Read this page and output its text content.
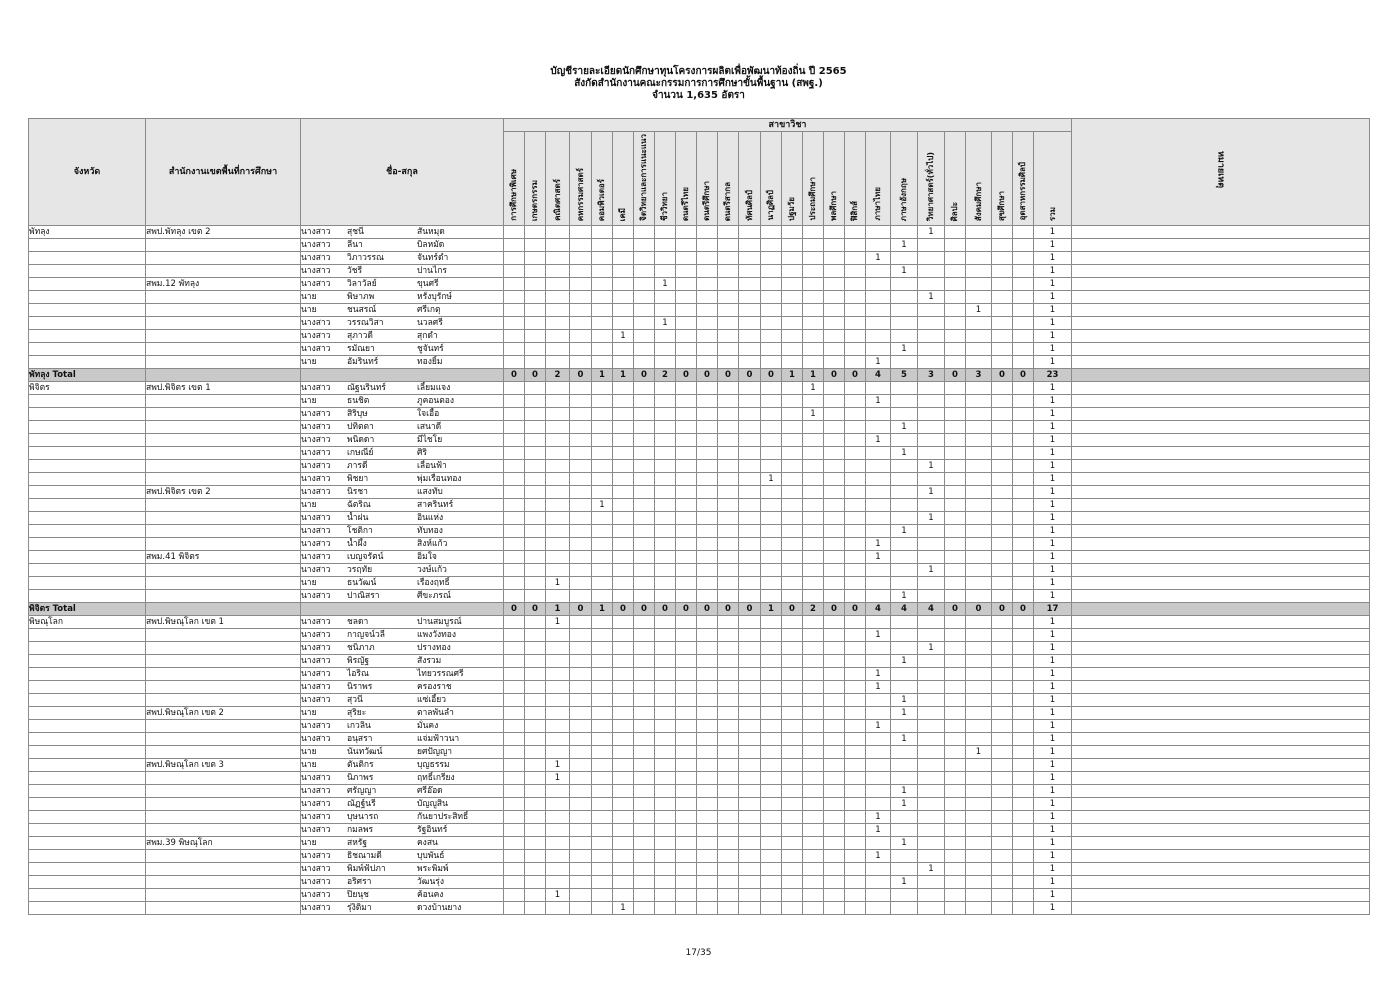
บัญชีรายละเอียดนักศึกษาทุนโครงการผลิตเพื่อพัฒนาท้องถิ่น ปี 2565
สังกัดสำนักงานคณะกรรมการการศึกษาขั้นพื้นฐาน (สพฐ.)
จำนวน 1,635 อัตรา
จังหวัด	สำนักงานเขตพื้นที่การศึกษา	ชื่อ-สกุล	สาขาวิชา																									หมายเหตุ
			การศึกษาพิเศษ	เกษตรกรรม	คณิตศาสตร์	คหกรรมศาสตร์	คอมพิวเตอร์	เคมี	จิตวิทยาและการแนะแนว	ชีววิทยา	ดนตรีไทย	ดนตรีศึกษา	ดนตรีสากล	ทัศนศิลป์	นาฏศิลป์	ปฐมวัย	ประถมศึกษา	พลศึกษา	ฟิสิกส์	ภาษาไทย	ภาษาอังกฤษ	วิทยาศาสตร์(ทั่วไป)	ศิลปะ	สังคมศึกษา	สุขศึกษา	อุตสาหกรรมศิลป์	รวม	
พัทลุง	สพป.พัทลุง เขต 2	นางสาว สุชนี สันหมุด																				1					1	

		นางสาว ลีนา บิลหมัด																			1						1	

		นางสาว วิภาวรรณ จันทร์ดำ																		1							1	

		นางสาว วัชรี ปานไกร																			1						1	
	สพม.12 พัทลุง	นางสาว วิลาวัลย์ ขุนศรี								1																	1	

		นาย พิษาภพ หรั่งบุรักษ์																				1					1	

		นาย ชนสรณ์ ศรีเกตุ																						1			1	

		นางสาว วรรณวิสา นวลศรี								1																	1	

		นางสาว สุภาวดี สุกดำ						1																			1	

		นางสาว รมัณยา ชูจันทร์																			1						1	

		นาย อัมรินทร์ ทองยิ้ม																		1							1	
พัทลุง Total			0	0	2	0	1	1	0	2	0	0	0	0	0	1	1	0	0	4	5	3	0	3	0	0	23	
พิจิตร	สพป.พิจิตร เขต 1	นางสาว ณัฐนรินทร์ เลี้ยมแจง															1										1	

		นาย ธนชิต ภูคอนตอง																		1							1	

		นางสาว สิริบุษ ใจเอื้อ															1										1	

		นางสาว ปทิตตา เสนาดี																			1						1	

		นางสาว พนิดดา มีไชโย																		1							1	

		นางสาว เกษณีย์ ศิริ																			1						1	

		นางสาว ภารดี เลื่อนฟ้า																				1					1	

		นางสาว พิชยา พุ่มเรือนทอง													1												1	
	สพป.พิจิตร เขต 2	นางสาว นิรชา แสงทับ																				1					1	

		นาย ฉัตริณ สาครินทร์					1																				1	

		นางสาว น้ำฝน อินแห่ง																				1					1	

		นางสาว โชติกา ทับทอง																			1						1	

		นางสาว น้ำผึ้ง สิงห์แก้ว																		1							1	
	สพม.41 พิจิตร	นางสาว เบญจรัตน์ อิ่มใจ																		1							1	

		นางสาว วรฤทัย วงษ์แก้ว																				1					1	

		นาย ธนวัฒน์ เรืองฤทธิ์			1																						1	

		นางสาว ปาณิสรา ศีขะภรณ์																			1						1	
พิจิตร Total			0	0	1	0	1	0	0	0	0	0	0	0	1	0	2	0	0	4	4	4	0	0	0	0	17	
พิษณุโลก	สพป.พิษณุโลก เขต 1	นางสาว ชลดา ปานสมบูรณ์			1																						1	

		นางสาว กาญจน์วลี แพงวังทอง																		1							1	

		นางสาว ชนิภาภ ปรางทอง																				1					1	

		นางสาว พิรญัฐ สังรวม																			1						1	

		นางสาว ไอริณ ไทยวรรณศรี																		1							1	

		นางสาว นิราพร ครองราช																		1							1	

		นางสาว สุวนี แซ่เอี้ยว																			1						1	
	สพป.พิษณุโลก เขต 2	นาย สุริยะ ตาลพันลำ																			1						1	

		นางสาว เกวลิน มั่นคง																		1							1	

		นางสาว อนุสรา แจ่มฟ้าวนา																			1						1	

		นาย นันทวัฒน์ ยศปัญญา																						1			1	
	สพป.พิษณุโลก เขต 3	นาย ตันติกร บุญธรรม			1																						1	

		นางสาว นิภาพร ฤทธิ์เกรียง			1																						1	

		นางสาว ศรัญญา ศรีอ๊อด																			1						1	

		นางสาว ณัฏฐ์นรี บัญญูสิน																			1						1	

		นางสาว บุษนารถ กันยาประสิทธิ์																		1							1	

		นางสาว กมลพร รัฐอินทร์																		1							1	
	สพม.39 พิษณุโลก	นาย สหรัฐ คงสน																			1						1	

		นางสาว ธิชณามดี บุบพันธ์																		1							1	

		นางสาว พิมพ์ฟ้ปภา พระพิมพ์																				1					1	

		นางสาว อริศรา วัฒนรุ่ง																			1						1	

		นางสาว ปิยนุช ค้อนคง			1																						1	

		นางสาว รุ่งิติมา ดวงบ้านยาง						1																			1	
17/35
